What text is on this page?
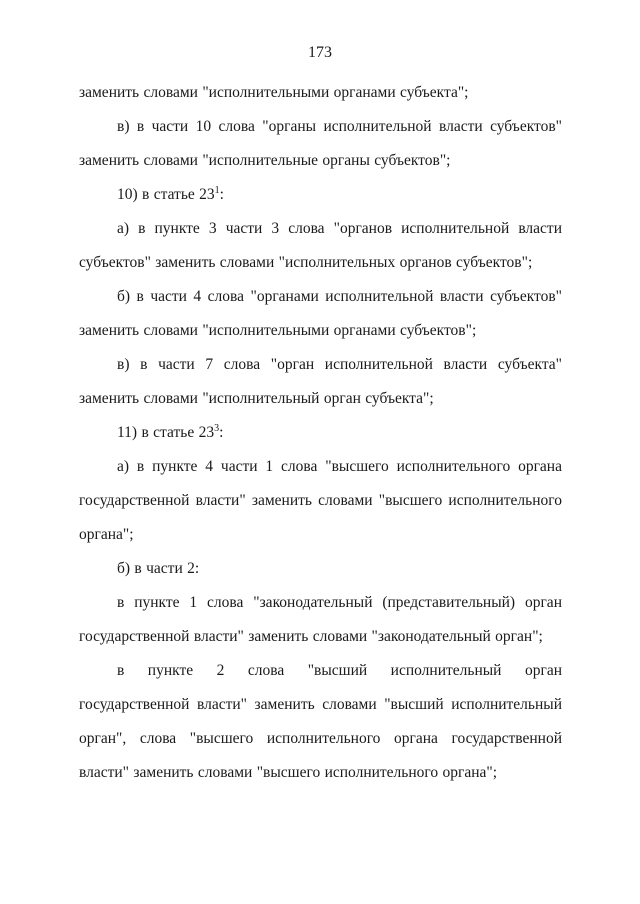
173

заменить словами "исполнительными органами субъекта";

в) в части 10 слова "органы исполнительной власти субъектов" заменить словами "исполнительные органы субъектов";

10) в статье $23^1$:

а) в пункте 3 части 3 слова "органов исполнительной власти субъектов" заменить словами "исполнительных органов субъектов";

б) в части 4 слова "органами исполнительной власти субъектов" заменить словами "исполнительными органами субъектов";

в) в части 7 слова "орган исполнительной власти субъекта" заменить словами "исполнительный орган субъекта";

11) в статье $23^3$:

а) в пункте 4 части 1 слова "высшего исполнительного органа государственной власти" заменить словами "высшего исполнительного органа";

б) в части 2:

в пункте 1 слова "законодательный (представительный) орган государственной власти" заменить словами "законодательный орган";

в пункте 2 слова "высший исполнительный орган государственной власти" заменить словами "высший исполнительный орган", слова "высшего исполнительного органа государственной власти" заменить словами "высшего исполнительного органа";
